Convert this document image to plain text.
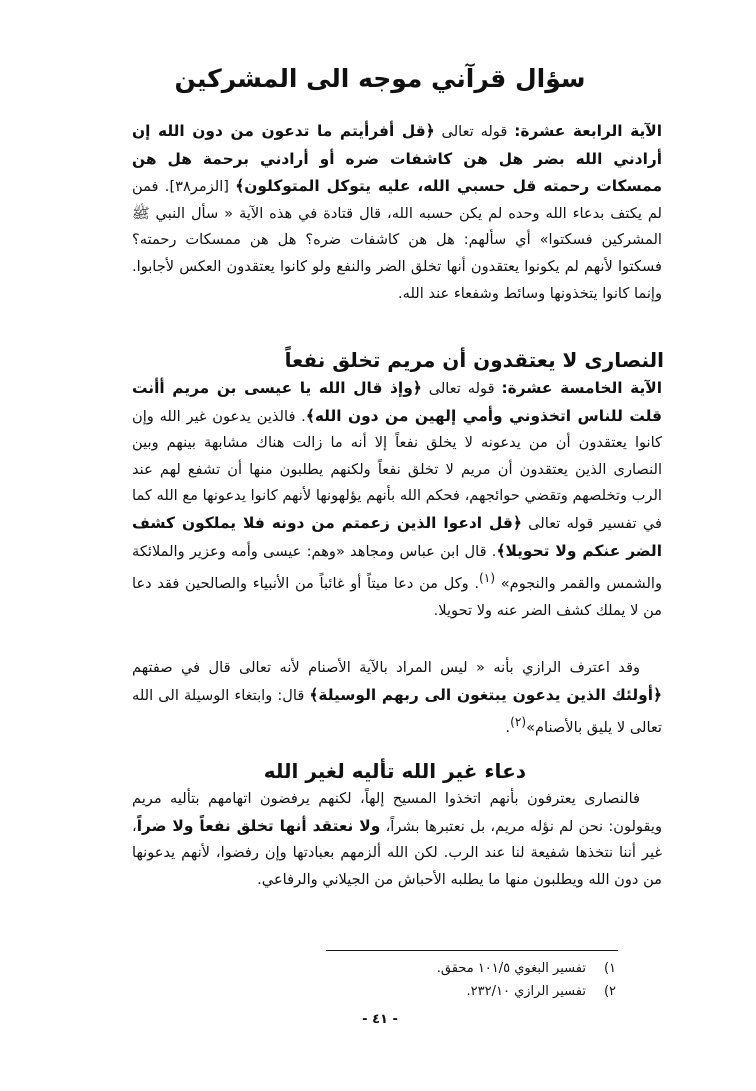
سؤال قرآني موجه الى المشركين

الآية الرابعة عشرة: قوله تعالى ﴿قل أفرأيتم ما تدعون من دون الله إن أرادني الله بضر هل هن كاشفات ضره أو أرادني برحمة هل هن ممسكات رحمته قل حسبي الله، عليه يتوكل المتوكلون﴾ [الزمر٣٨]. فمن لم يكتف بدعاء الله وحده لم يكن حسبه الله، قال قتادة في هذه الآية « سأل النبي ﷺ المشركين فسكتوا» أي سألهم: هل هن كاشفات ضره؟ هل هن ممسكات رحمته؟ فسكتوا لأنهم لم يكونوا يعتقدون أنها تخلق الضر والنفع ولو كانوا يعتقدون العكس لأجابوا. وإنما كانوا يتخذونها وسائط وشفعاء عند الله.

النصارى لا يعتقدون أن مريم تخلق نفعاً

الآية الخامسة عشرة: قوله تعالى ﴿وإذ قال الله يا عيسى بن مريم أأنت قلت للناس اتخذوني وأمي إلهين من دون الله﴾. فالذين يدعون غير الله وإن كانوا يعتقدون أن من يدعونه لا يخلق نفعاً إلا أنه ما زالت هناك مشابهة بينهم وبين النصارى الذين يعتقدون أن مريم لا تخلق نفعاً ولكنهم يطلبون منها أن تشفع لهم عند الرب وتخلصهم وتقضي حوائجهم، فحكم الله بأنهم يؤلهونها لأنهم كانوا يدعونها مع الله كما في تفسير قوله تعالى ﴿قل ادعوا الذين زعمتم من دونه فلا يملكون كشف الضر عنكم ولا تحويلا﴾. قال ابن عباس ومجاهد «وهم: عيسى وأمه وعزير والملائكة والشمس والقمر والنجوم» $^{(١)}$. وكل من دعا ميتاً أو غائباً من الأنبياء والصالحين فقد دعا من لا يملك كشف الضر عنه ولا تحويلا.

وقد اعترف الرازي بأنه « ليس المراد بالآية الأصنام لأنه تعالى قال في صفتهم ﴿أولئك الذين يدعون يبتغون الى ربهم الوسيلة﴾ قال: وابتغاء الوسيلة الى الله تعالى لا يليق بالأصنام»$^{(٢)}$.

دعاء غير الله تأليه لغير الله

فالنصارى يعترفون بأنهم اتخذوا المسيح إلهاً، لكنهم يرفضون اتهامهم بتأليه مريم ويقولون: نحن لم نؤله مريم، بل نعتبرها بشراً، ولا نعتقد أنها تخلق نفعاً ولا ضراً، غير أننا نتخذها شفيعة لنا عند الرب. لكن الله ألزمهم بعبادتها وإن رفضوا، لأنهم يدعونها من دون الله ويطلبون منها ما يطلبه الأحباش من الجيلاني والرفاعي.

١)تفسير البغوي ١٠١/٥ محقق.
٢)تفسير الرازي ٢٣٢/١٠.
- ٤١ -
